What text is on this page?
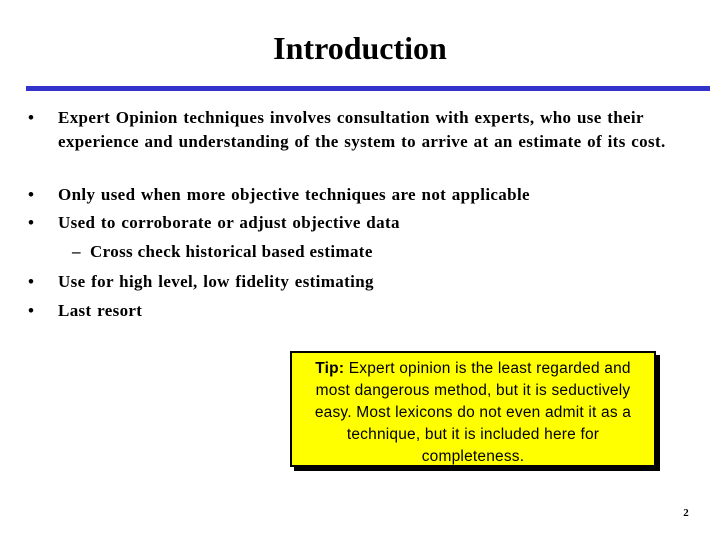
Introduction
• Expert Opinion techniques involves consultation with experts, who use their experience and understanding of the system to arrive at an estimate of its cost.
• Only used when more objective techniques are not applicable
• Used to corroborate or adjust objective data
– Cross check historical based estimate
• Use for high level, low fidelity estimating
• Last resort
Tip: Expert opinion is the least regarded and most dangerous method, but it is seductively easy. Most lexicons do not even admit it as a technique, but it is included here for completeness.
2
